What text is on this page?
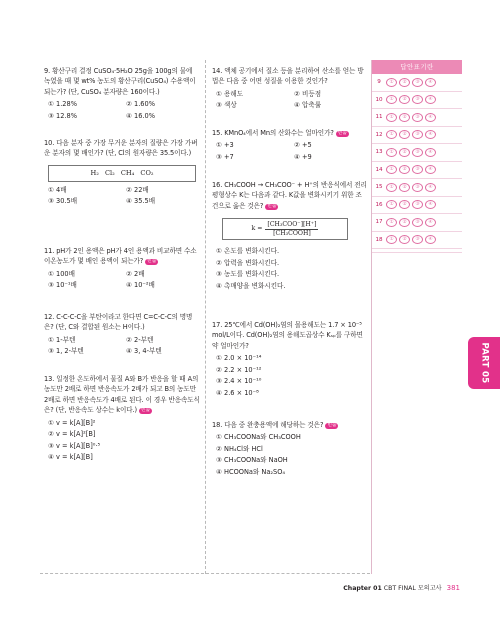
9. 황산구리 결정 CuSO₄·5H₂O 25g을 100g의 물에 녹였을 때 몇 wt% 농도의 황산구리(CuSO₄) 수용액이 되는가? (단, CuSO₄ 분자량은 160이다.)
① 1.28%	② 1.60%
③ 12.8%	④ 16.0%
10. 다음 분자 중 가장 무거운 분자의 질량은 가장 가벼운 분자의 몇 배인가? (단, Cl의 원자량은 35.5이다.)
H₂ Cl₂ CH₄ CO₂
① 4배	② 22배
③ 30.5배	④ 35.5배
11. pH가 2인 용액은 pH가 4인 용액과 비교하면 수소이온농도가 몇 배인 용액이 되는가? 빈출
① 100배	② 2배
③ 10⁻¹배	④ 10⁻²배
12. C-C-C-C을 부탄이라고 한다면 C=C-C-C의 명명은? (단, C와 결합된 원소는 H이다.)
① 1-부텐	② 2-부텐
③ 1, 2-부텐	④ 3, 4-부텐
13. 일정한 온도하에서 물질 A와 B가 반응을 할 때 A의 농도만 2배로 하면 반응속도가 2배가 되고 B의 농도만 2배로 하면 반응속도가 4배로 된다. 이 경우 반응속도식은? (단, 반응속도 상수는 k이다.) 빈출
① v = k[A][B]²
② v = k[A]²[B]
③ v = k[A][B]⁰·⁵
④ v = k[A][B]
14. 액체 공기에서 질소 등을 분리하여 산소를 얻는 방법은 다음 중 어떤 성질을 이용한 것인가?
① 용해도	② 비등점
③ 색상	④ 압축률
15. KMnO₄에서 Mn의 산화수는 얼마인가? 빈출
① +3	② +5
③ +7	④ +9
16. CH₃COOH → CH₃COO⁻ + H⁺의 반응식에서 전리평형상수 K는 다음과 같다. K값을 변화시키기 위한 조건으로 옳은 것은? 빈출
$k = \frac{\text{[CH₃COO⁻][H⁺]}}{\text{[CH₃COOH]}}$
① 온도를 변화시킨다.
② 압력을 변화시킨다.
③ 농도를 변화시킨다.
④ 촉매양을 변화시킨다.
17. 25℃에서 Cd(OH)₂염의 몰용해도는 1.7 × 10⁻⁵ mol/L이다. Cd(OH)₂염의 용해도곱상수 Kₛₚ를 구하면 약 얼마인가?
① 2.0 × 10⁻¹⁴
② 2.2 × 10⁻¹²
③ 2.4 × 10⁻¹⁰
④ 2.6 × 10⁻⁸
18. 다음 중 완충용액에 해당하는 것은? 빈출
① CH₃COONa와 CH₃COOH
② NH₄Cl와 HCl
③ CH₃COONa와 NaOH
④ HCOONa와 Na₂SO₄
답안표기란
9	①	②	③	④
10	①	②	③	④
11	①	②	③	④
12	①	②	③	④
13	①	②	③	④
14	①	②	③	④
15	①	②	③	④
16	①	②	③	④
17	①	②	③	④
18	①	②	③	④
PART 05
Chapter 01 CBT FINAL 모의고사 381
